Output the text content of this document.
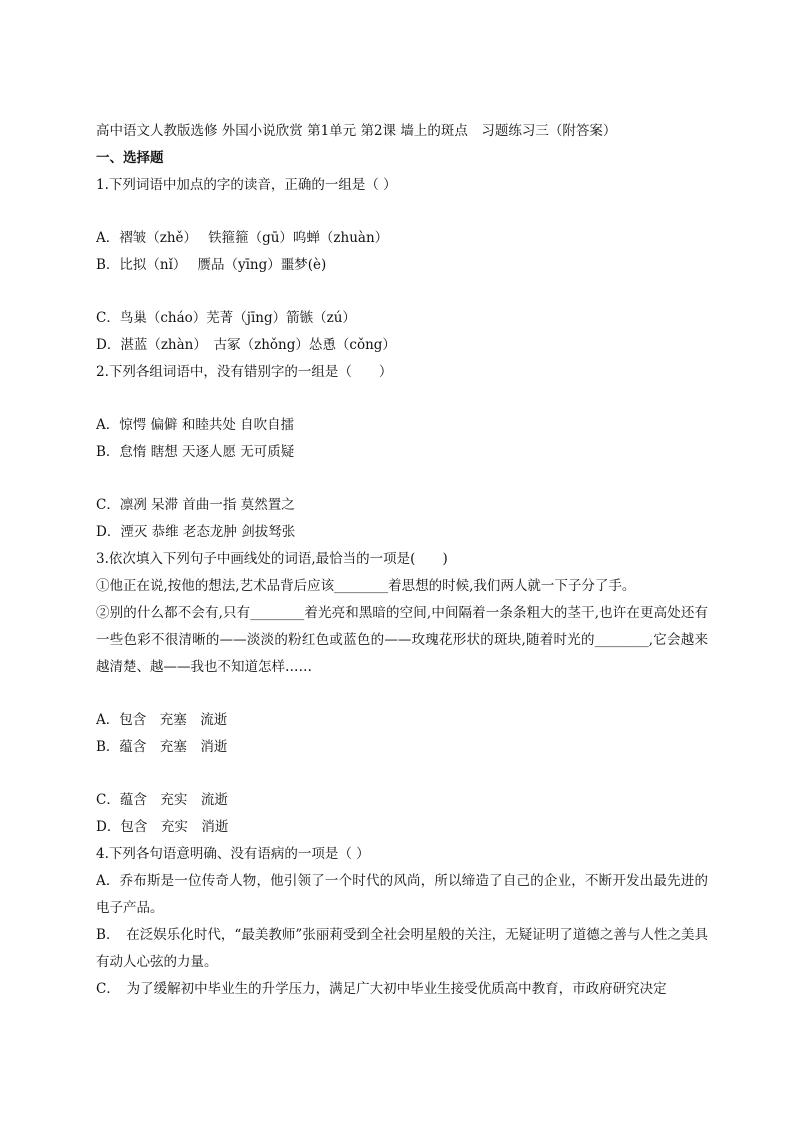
高中语文人教版选修 外国小说欣赏 第1单元 第2课 墙上的斑点　习题练习三（附答案）
一、选择题
1.下列词语中加点的字的读音，正确的一组是（ ）
A．褶皱（zhě）　 铁箍箍（gū）呜蝉（zhuàn）
B．比拟（nǐ）　 赝品（yīng）噩梦(è)
C．鸟巢（cháo）芜菁（jīng）箭镞（zú）
D．湛蓝（zhàn）　古冢（zhǒng）怂恿（cǒng）
2.下列各组词语中，没有错别字的一组是（　　）
A．惊愕 偏僻 和睦共处 自吹自擂
B．怠惰 瞎想 天逐人愿 无可质疑
C．凛冽 呆滞 首曲一指 莫然置之
D．湮灭 恭维 老态龙肿 剑拔驽张
3.依次填入下列句子中画线处的词语,最恰当的一项是(　　)
①他正在说,按他的想法,艺术品背后应该________着思想的时候,我们两人就一下子分了手。
②别的什么都不会有,只有________着光亮和黑暗的空间,中间隔着一条条粗大的茎干,也许在更高处还有一些色彩不很清晰的——淡淡的粉红色或蓝色的——玫瑰花形状的斑块,随着时光的________,它会越来越清楚、越——我也不知道怎样……
A．包含　充塞　流逝
B．蕴含　充塞　消逝
C．蕴含　充实　流逝
D．包含　充实　消逝
4.下列各句语意明确、没有语病的一项是（ ）
A．乔布斯是一位传奇人物，他引领了一个时代的风尚，所以缔造了自己的企业，不断开发出最先进的电子产品。
B．　在泛娱乐化时代，“最美教师”张丽莉受到全社会明星般的关注，无疑证明了道德之善与人性之美具有动人心弦的力量。
C．　为了缓解初中毕业生的升学压力，满足广大初中毕业生接受优质高中教育，市政府研究决定
